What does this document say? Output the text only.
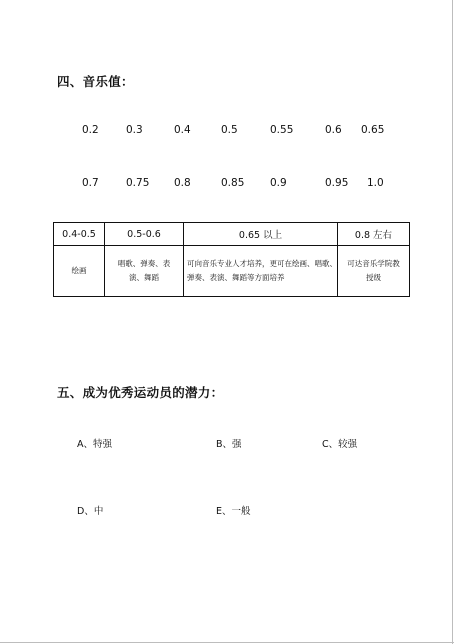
四、音乐值：
0.2	0.3	0.4	0.5	0.55	0.6 0.65
0.7	0.75 0.8	0.85 0.9	0.95 1.0
0.4-0.5	0.5-0.6	0.65 以上	0.8 左右
绘画	唱歌、弹奏、表演、舞蹈	可向音乐专业人才培养，更可在绘画、唱歌、弹奏、表演、舞蹈等方面培养	可达音乐学院教授级
五、成为优秀运动员的潜力：
A、特强	B、强	C、较强
D、中	E、一般
